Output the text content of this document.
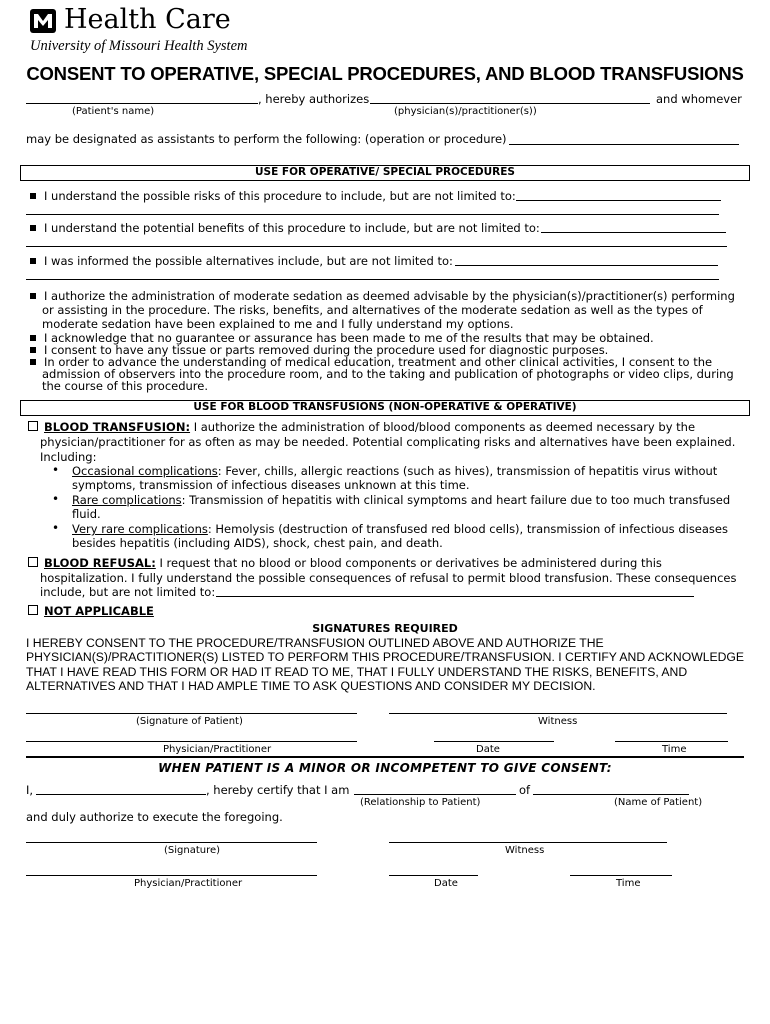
Health Care
University of Missouri Health System
CONSENT TO OPERATIVE, SPECIAL PROCEDURES, AND BLOOD TRANSFUSIONS
, hereby authorizes	and whomever
(Patient's name)	(physician(s)/practitioner(s))
may be designated as assistants to perform the following: (operation or procedure)
USE FOR OPERATIVE/ SPECIAL PROCEDURES
I understand the possible risks of this procedure to include, but are not limited to:
I understand the potential benefits of this procedure to include, but are not limited to:
I was informed the possible alternatives include, but are not limited to:
I authorize the administration of moderate sedation as deemed advisable by the physician(s)/practitioner(s) performing
or assisting in the procedure. The risks, benefits, and alternatives of the moderate sedation as well as the types of
moderate sedation have been explained to me and I fully understand my options.
I acknowledge that no guarantee or assurance has been made to me of the results that may be obtained.
I consent to have any tissue or parts removed during the procedure used for diagnostic purposes.
In order to advance the understanding of medical education, treatment and other clinical activities, I consent to the
admission of observers into the procedure room, and to the taking and publication of photographs or video clips, during
the course of this procedure.
USE FOR BLOOD TRANSFUSIONS (NON-OPERATIVE & OPERATIVE)
BLOOD TRANSFUSION: I authorize the administration of blood/blood components as deemed necessary by the
physician/practitioner for as often as may be needed. Potential complicating risks and alternatives have been explained.
Including:
• Occasional complications: Fever, chills, allergic reactions (such as hives), transmission of hepatitis virus without
symptoms, transmission of infectious diseases unknown at this time.
• Rare complications: Transmission of hepatitis with clinical symptoms and heart failure due to too much transfused
fluid.
• Very rare complications: Hemolysis (destruction of transfused red blood cells), transmission of infectious diseases
besides hepatitis (including AIDS), shock, chest pain, and death.
BLOOD REFUSAL: I request that no blood or blood components or derivatives be administered during this
hospitalization. I fully understand the possible consequences of refusal to permit blood transfusion. These consequences
include, but are not limited to:
NOT APPLICABLE
SIGNATURES REQUIRED
I HEREBY CONSENT TO THE PROCEDURE/TRANSFUSION OUTLINED ABOVE AND AUTHORIZE THE
PHYSICIAN(S)/PRACTITIONER(S) LISTED TO PERFORM THIS PROCEDURE/TRANSFUSION. I CERTIFY AND ACKNOWLEDGE
THAT I HAVE READ THIS FORM OR HAD IT READ TO ME, THAT I FULLY UNDERSTAND THE RISKS, BENEFITS, AND
ALTERNATIVES AND THAT I HAD AMPLE TIME TO ASK QUESTIONS AND CONSIDER MY DECISION.
(Signature of Patient)	Witness
Physician/Practitioner	Date	Time
WHEN PATIENT IS A MINOR OR INCOMPETENT TO GIVE CONSENT:
I,	, hereby certify that I am	of
(Relationship to Patient)	(Name of Patient)
and duly authorize to execute the foregoing.
(Signature)	Witness
Physician/Practitioner	Date	Time
